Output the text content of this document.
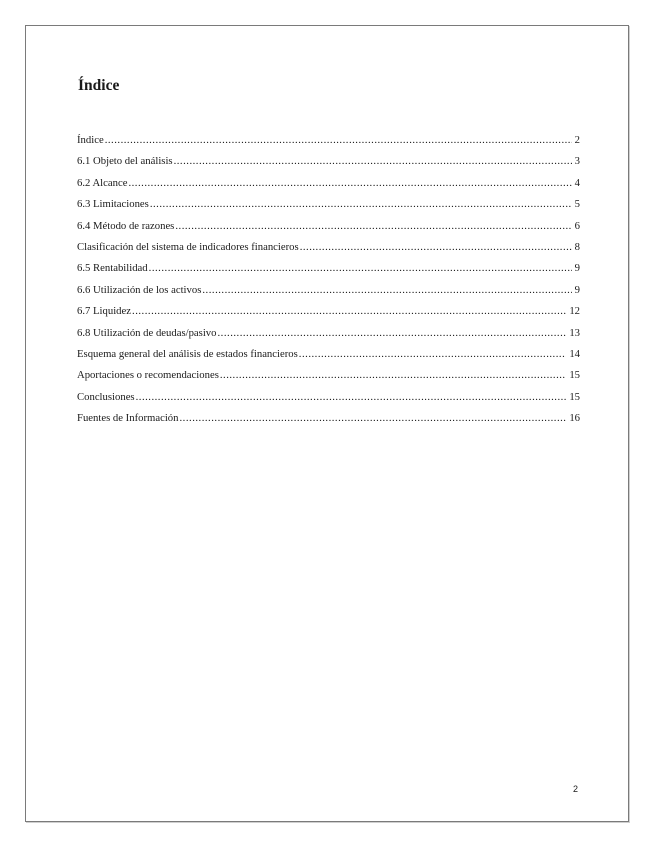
Índice
Índice .....	2
6.1 Objeto del análisis .....	3
6.2 Alcance .....	4
6.3 Limitaciones .....	5
6.4 Método de razones .....	6
Clasificación del sistema de indicadores financieros .....	8
6.5 Rentabilidad .....	9
6.6 Utilización de los activos .....	9
6.7 Liquidez .....	12
6.8 Utilización de deudas/pasivo .....	13
Esquema general del análisis de estados financieros .....	14
Aportaciones o recomendaciones .....	15
Conclusiones .....	15
Fuentes de Información .....	16
2
